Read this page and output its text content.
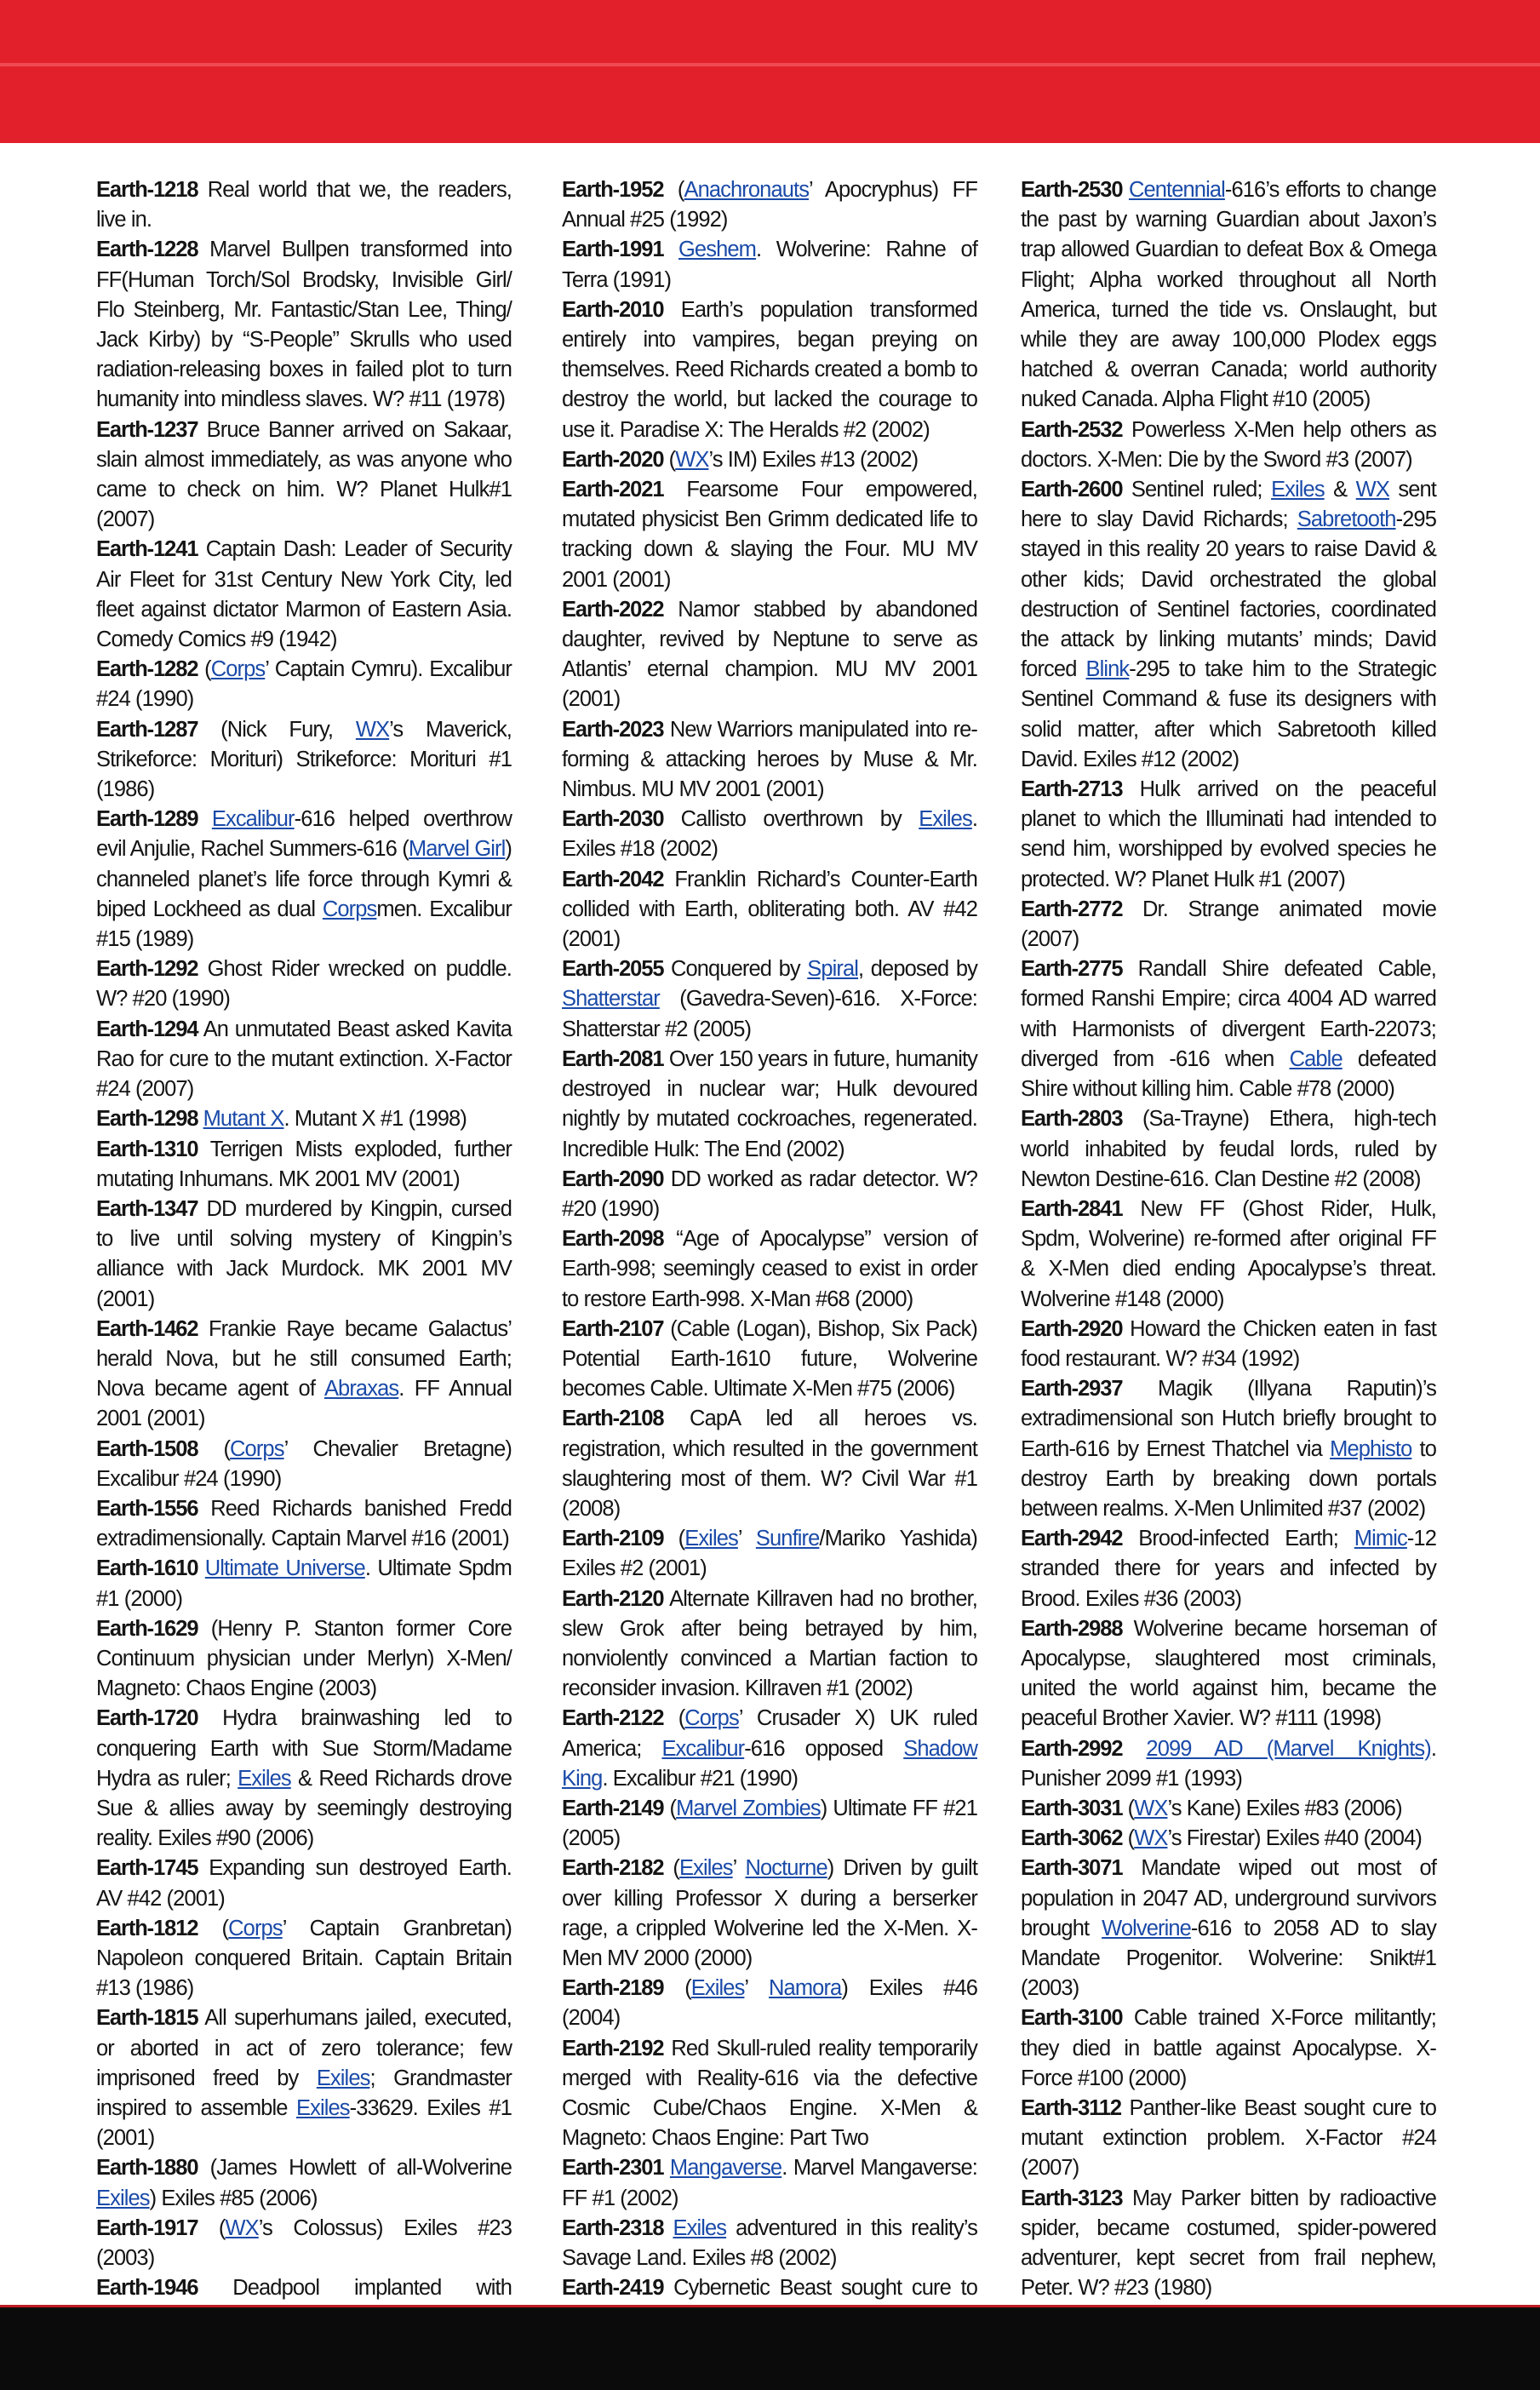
Earth-1218 Real world that we, the readers, live in.

Earth-1228 Marvel Bullpen transformed into FF(Human Torch/Sol Brodsky, Invisible Girl/ Flo Steinberg, Mr. Fantastic/Stan Lee, Thing/ Jack Kirby) by “S-People” Skrulls who used radiation-releasing boxes in failed plot to turn humanity into mindless slaves. W? #11 (1978)

Earth-1237 Bruce Banner arrived on Sakaar, slain almost immediately, as was anyone who came to check on him. W? Planet Hulk#1 (2007)

Earth-1241 Captain Dash: Leader of Security Air Fleet for 31st Century New York City, led fleet against dictator Marmon of Eastern Asia. Comedy Comics #9 (1942)

Earth-1282 (Corps’ Captain Cymru). Excalibur #24 (1990)

Earth-1287 (Nick Fury, WX’s Maverick, Strikeforce: Morituri) Strikeforce: Morituri #1 (1986)

Earth-1289 Excalibur-616 helped overthrow evil Anjulie, Rachel Summers-616 (Marvel Girl) channeled planet’s life force through Kymri & biped Lockheed as dual Corpsmen. Excalibur #15 (1989)

Earth-1292 Ghost Rider wrecked on puddle. W? #20 (1990)

Earth-1294 An unmutated Beast asked Kavita Rao for cure to the mutant extinction. X-Factor #24 (2007)

Earth-1298 Mutant X. Mutant X #1 (1998)

Earth-1310 Terrigen Mists exploded, further mutating Inhumans. MK 2001 MV (2001)

Earth-1347 DD murdered by Kingpin, cursed to live until solving mystery of Kingpin’s alliance with Jack Murdock. MK 2001 MV (2001)

Earth-1462 Frankie Raye became Galactus’ herald Nova, but he still consumed Earth; Nova became agent of Abraxas. FF Annual 2001 (2001)

Earth-1508 (Corps’ Chevalier Bretagne) Excalibur #24 (1990)

Earth-1556 Reed Richards banished Fredd extradimensionally. Captain Marvel #16 (2001)

Earth-1610 Ultimate Universe. Ultimate Spdm #1 (2000)

Earth-1629 (Henry P. Stanton former Core Continuum physician under Merlyn) X-Men/ Magneto: Chaos Engine (2003)

Earth-1720 Hydra brainwashing led to conquering Earth with Sue Storm/Madame Hydra as ruler; Exiles & Reed Richards drove Sue & allies away by seemingly destroying reality. Exiles #90 (2006)

Earth-1745 Expanding sun destroyed Earth. AV #42 (2001)

Earth-1812 (Corps’ Captain Granbretan) Napoleon conquered Britain. Captain Britain #13 (1986)

Earth-1815 All superhumans jailed, executed, or aborted in act of zero tolerance; few imprisoned freed by Exiles; Grandmaster inspired to assemble Exiles-33629. Exiles #1 (2001)

Earth-1880 (James Howlett of all-Wolverine Exiles) Exiles #85 (2006)

Earth-1917 (WX’s Colossus) Exiles #23 (2003)

Earth-1946 Deadpool implanted with

Earth-1952 (Anachronauts’ Apocryphus) FF Annual #25 (1992)

Earth-1991 Geshem. Wolverine: Rahne of Terra (1991)

Earth-2010 Earth’s population transformed entirely into vampires, began preying on themselves. Reed Richards created a bomb to destroy the world, but lacked the courage to use it. Paradise X: The Heralds #2 (2002)

Earth-2020 (WX’s IM) Exiles #13 (2002)

Earth-2021 Fearsome Four empowered, mutated physicist Ben Grimm dedicated life to tracking down & slaying the Four. MU MV 2001 (2001)

Earth-2022 Namor stabbed by abandoned daughter, revived by Neptune to serve as Atlantis’ eternal champion. MU MV 2001 (2001)

Earth-2023 New Warriors manipulated into re-forming & attacking heroes by Muse & Mr. Nimbus. MU MV 2001 (2001)

Earth-2030 Callisto overthrown by Exiles. Exiles #18 (2002)

Earth-2042 Franklin Richard’s Counter-Earth collided with Earth, obliterating both. AV #42 (2001)

Earth-2055 Conquered by Spiral, deposed by Shatterstar (Gavedra-Seven)-616. X-Force: Shatterstar #2 (2005)

Earth-2081 Over 150 years in future, humanity destroyed in nuclear war; Hulk devoured nightly by mutated cockroaches, regenerated. Incredible Hulk: The End (2002)

Earth-2090 DD worked as radar detector. W? #20 (1990)

Earth-2098 “Age of Apocalypse” version of Earth-998; seemingly ceased to exist in order to restore Earth-998. X-Man #68 (2000)

Earth-2107 (Cable (Logan), Bishop, Six Pack) Potential Earth-1610 future, Wolverine becomes Cable. Ultimate X-Men #75 (2006)

Earth-2108 CapA led all heroes vs. registration, which resulted in the government slaughtering most of them. W? Civil War #1 (2008)

Earth-2109 (Exiles’ Sunfire/Mariko Yashida) Exiles #2 (2001)

Earth-2120 Alternate Killraven had no brother, slew Grok after being betrayed by him, nonviolently convinced a Martian faction to reconsider invasion. Killraven #1 (2002)

Earth-2122 (Corps’ Crusader X) UK ruled America; Excalibur-616 opposed Shadow King. Excalibur #21 (1990)

Earth-2149 (Marvel Zombies) Ultimate FF #21 (2005)

Earth-2182 (Exiles’ Nocturne) Driven by guilt over killing Professor X during a berserker rage, a crippled Wolverine led the X-Men. X-Men MV 2000 (2000)

Earth-2189 (Exiles’ Namora) Exiles #46 (2004)

Earth-2192 Red Skull-ruled reality temporarily merged with Reality-616 via the defective Cosmic Cube/Chaos Engine. X-Men & Magneto: Chaos Engine: Part Two

Earth-2301 Mangaverse. Marvel Mangaverse: FF #1 (2002)

Earth-2318 Exiles adventured in this reality’s Savage Land. Exiles #8 (2002)

Earth-2419 Cybernetic Beast sought cure to

Earth-2530 Centennial-616’s efforts to change the past by warning Guardian about Jaxon’s trap allowed Guardian to defeat Box & Omega Flight; Alpha worked throughout all North America, turned the tide vs. Onslaught, but while they are away 100,000 Plodex eggs hatched & overran Canada; world authority nuked Canada. Alpha Flight #10 (2005)

Earth-2532 Powerless X-Men help others as doctors. X-Men: Die by the Sword #3 (2007)

Earth-2600 Sentinel ruled; Exiles & WX sent here to slay David Richards; Sabretooth-295 stayed in this reality 20 years to raise David & other kids; David orchestrated the global destruction of Sentinel factories, coordinated the attack by linking mutants’ minds; David forced Blink-295 to take him to the Strategic Sentinel Command & fuse its designers with solid matter, after which Sabretooth killed David. Exiles #12 (2002)

Earth-2713 Hulk arrived on the peaceful planet to which the Illuminati had intended to send him, worshipped by evolved species he protected. W? Planet Hulk #1 (2007)

Earth-2772 Dr. Strange animated movie (2007)

Earth-2775 Randall Shire defeated Cable, formed Ranshi Empire; circa 4004 AD warred with Harmonists of divergent Earth-22073; diverged from -616 when Cable defeated Shire without killing him. Cable #78 (2000)

Earth-2803 (Sa-Trayne) Ethera, high-tech world inhabited by feudal lords, ruled by Newton Destine-616. Clan Destine #2 (2008)

Earth-2841 New FF (Ghost Rider, Hulk, Spdm, Wolverine) re-formed after original FF & X-Men died ending Apocalypse’s threat. Wolverine #148 (2000)

Earth-2920 Howard the Chicken eaten in fast food restaurant. W? #34 (1992)

Earth-2937 Magik (Illyana Raputin)’s extradimensional son Hutch briefly brought to Earth-616 by Ernest Thatchel via Mephisto to destroy Earth by breaking down portals between realms. X-Men Unlimited #37 (2002)

Earth-2942 Brood-infected Earth; Mimic-12 stranded there for years and infected by Brood. Exiles #36 (2003)

Earth-2988 Wolverine became horseman of Apocalypse, slaughtered most criminals, united the world against him, became the peaceful Brother Xavier. W? #111 (1998)

Earth-2992 2099 AD (Marvel Knights). Punisher 2099 #1 (1993)

Earth-3031 (WX’s Kane) Exiles #83 (2006)

Earth-3062 (WX’s Firestar) Exiles #40 (2004)

Earth-3071 Mandate wiped out most of population in 2047 AD, underground survivors brought Wolverine-616 to 2058 AD to slay Mandate Progenitor. Wolverine: Snikt#1 (2003)

Earth-3100 Cable trained X-Force militantly; they died in battle against Apocalypse. X-Force #100 (2000)

Earth-3112 Panther-like Beast sought cure to mutant extinction problem. X-Factor #24 (2007)

Earth-3123 May Parker bitten by radioactive spider, became costumed, spider-powered adventurer, kept secret from frail nephew, Peter. W? #23 (1980)
